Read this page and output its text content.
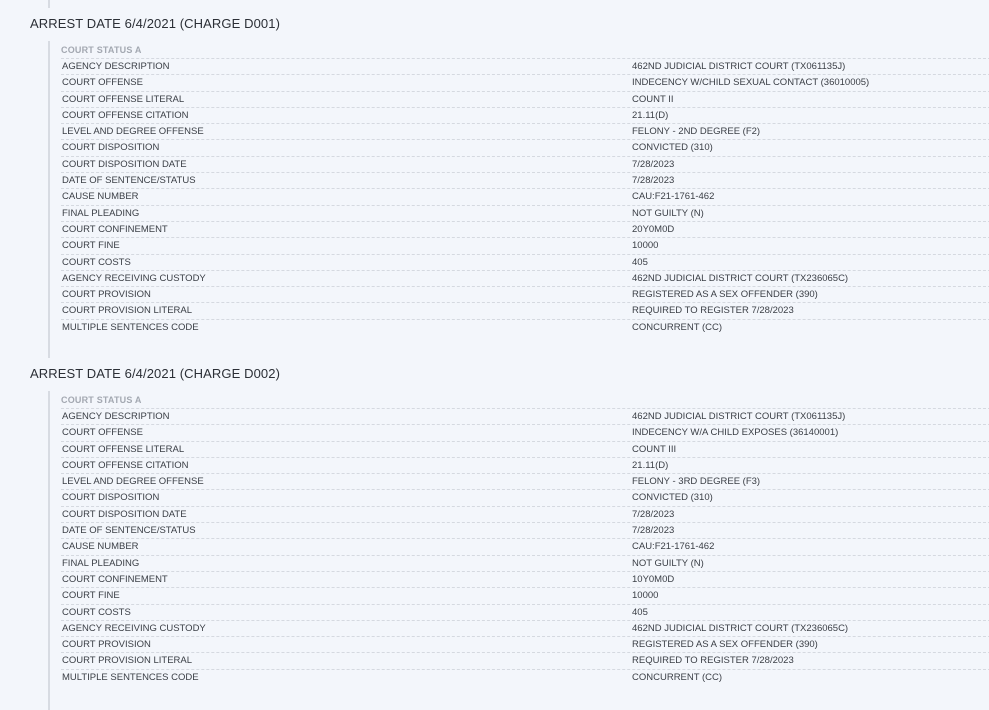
ARREST DATE 6/4/2021 (CHARGE D001)
COURT STATUS A
AGENCY DESCRIPTION	462ND JUDICIAL DISTRICT COURT (TX061135J)
COURT OFFENSE	INDECENCY W/CHILD SEXUAL CONTACT (36010005)
COURT OFFENSE LITERAL	COUNT II
COURT OFFENSE CITATION	21.11(D)
LEVEL AND DEGREE OFFENSE	FELONY - 2ND DEGREE (F2)
COURT DISPOSITION	CONVICTED (310)
COURT DISPOSITION DATE	7/28/2023
DATE OF SENTENCE/STATUS	7/28/2023
CAUSE NUMBER	CAU:F21-1761-462
FINAL PLEADING	NOT GUILTY (N)
COURT CONFINEMENT	20Y0M0D
COURT FINE	10000
COURT COSTS	405
AGENCY RECEIVING CUSTODY	462ND JUDICIAL DISTRICT COURT (TX236065C)
COURT PROVISION	REGISTERED AS A SEX OFFENDER (390)
COURT PROVISION LITERAL	REQUIRED TO REGISTER 7/28/2023
MULTIPLE SENTENCES CODE	CONCURRENT (CC)
ARREST DATE 6/4/2021 (CHARGE D002)
COURT STATUS A
AGENCY DESCRIPTION	462ND JUDICIAL DISTRICT COURT (TX061135J)
COURT OFFENSE	INDECENCY W/A CHILD EXPOSES (36140001)
COURT OFFENSE LITERAL	COUNT III
COURT OFFENSE CITATION	21.11(D)
LEVEL AND DEGREE OFFENSE	FELONY - 3RD DEGREE (F3)
COURT DISPOSITION	CONVICTED (310)
COURT DISPOSITION DATE	7/28/2023
DATE OF SENTENCE/STATUS	7/28/2023
CAUSE NUMBER	CAU:F21-1761-462
FINAL PLEADING	NOT GUILTY (N)
COURT CONFINEMENT	10Y0M0D
COURT FINE	10000
COURT COSTS	405
AGENCY RECEIVING CUSTODY	462ND JUDICIAL DISTRICT COURT (TX236065C)
COURT PROVISION	REGISTERED AS A SEX OFFENDER (390)
COURT PROVISION LITERAL	REQUIRED TO REGISTER 7/28/2023
MULTIPLE SENTENCES CODE	CONCURRENT (CC)
